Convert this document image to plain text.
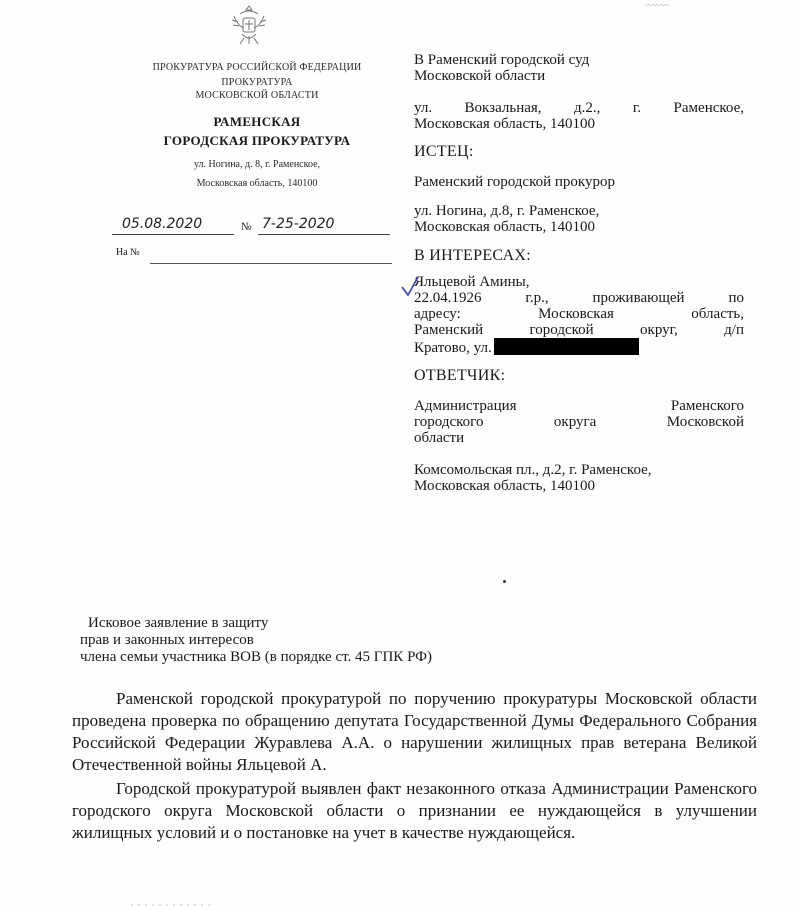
〰〰〰
ПРОКУРАТУРА РОССИЙСКОЙ ФЕДЕРАЦИИ
ПРОКУРАТУРА
МОСКОВСКОЙ ОБЛАСТИ
РАМЕНСКАЯ
ГОРОДСКАЯ ПРОКУРАТУРА
ул. Ногина, д. 8, г. Раменское,
Московская область, 140100
05.08.2020	№ 7-25-2020
На №
В Раменский городской суд
Московской области
ул. Вокзальная, д.2., г. Раменское,
Московская область, 140100
ИСТЕЦ:
Раменский городской прокурор
ул. Ногина, д.8, г. Раменское,
Московская область, 140100
В ИНТЕРЕСАХ:
Яльцевой Амины,
22.04.1926 г.р., проживающей по
адресу: Московская область,
Раменский городской округ, д/п
Кратово, ул.
ОТВЕТЧИК:
Администрация Раменского
городского округа Московской
области
Комсомольская пл., д.2, г. Раменское,
Московская область, 140100
Исковое заявление в защиту
прав и законных интересов
члена семьи участника ВОВ (в порядке ст. 45 ГПК РФ)

Раменской городской прокуратурой по поручению прокуратуры Московской области проведена проверка по обращению депутата Государственной Думы Федерального Собрания Российской Федерации Журавлева А.А. о нарушении жилищных прав ветерана Великой Отечественной войны Яльцевой А.

Городской прокуратурой выявлен факт незаконного отказа Администрации Раменского городского округа Московской области о признании ее нуждающейся в улучшении жилищных условий и о постановке на учет в качестве нуждающейся.

· · · · · · · · · · · ·
